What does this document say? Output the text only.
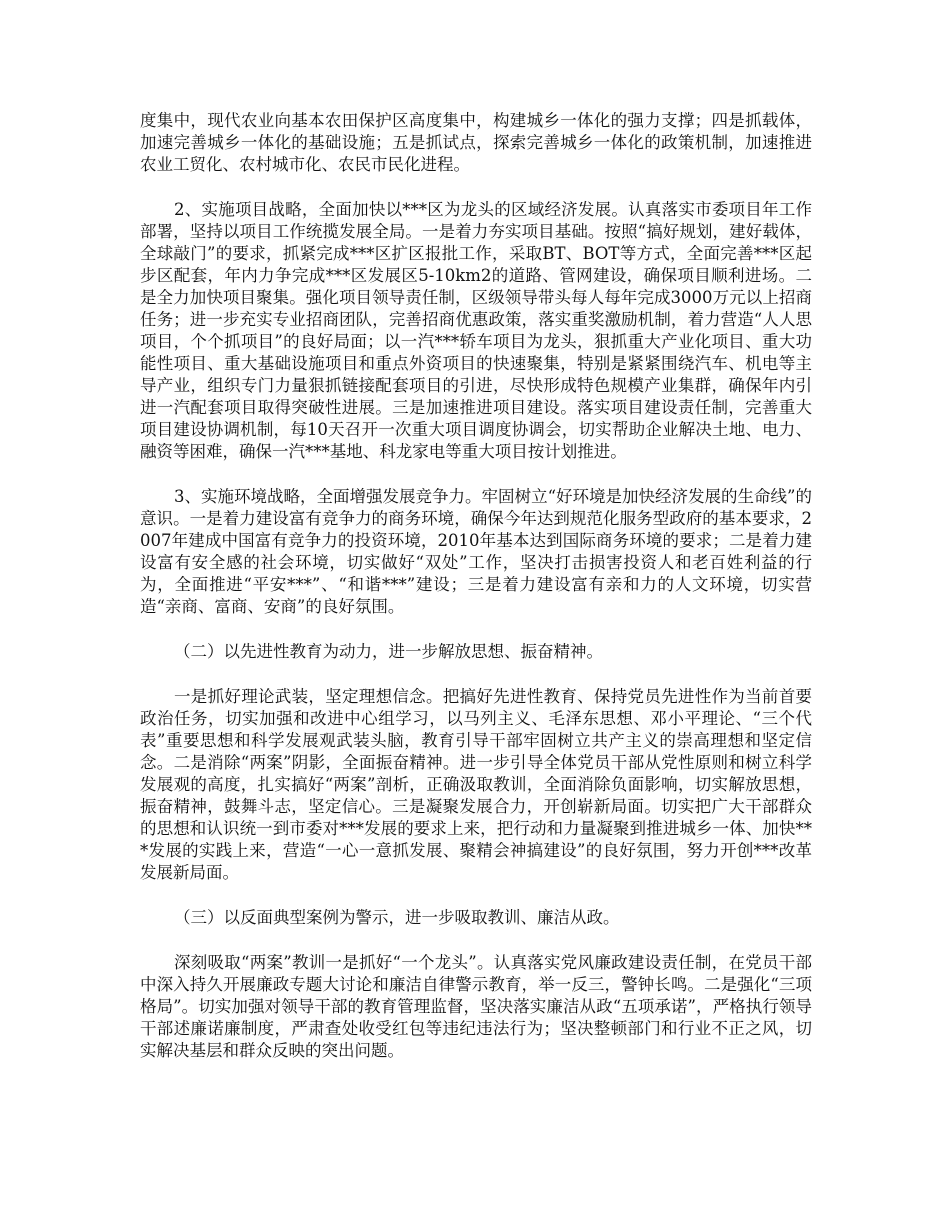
度集中，现代农业向基本农田保护区高度集中，构建城乡一体化的强力支撑；四是抓载体，加速完善城乡一体化的基础设施；五是抓试点，探索完善城乡一体化的政策机制，加速推进农业工贸化、农村城市化、农民市民化进程。

2、实施项目战略，全面加快以***区为龙头的区域经济发展。认真落实市委项目年工作部署，坚持以项目工作统揽发展全局。一是着力夯实项目基础。按照“搞好规划，建好载体，全球敲门”的要求，抓紧完成***区扩区报批工作，采取BT、BOT等方式，全面完善***区起步区配套，年内力争完成***区发展区5-10km2的道路、管网建设，确保项目顺利进场。二是全力加快项目聚集。强化项目领导责任制，区级领导带头每人每年完成3000万元以上招商任务；进一步充实专业招商团队，完善招商优惠政策，落实重奖激励机制，着力营造“人人思项目，个个抓项目”的良好局面；以一汽***轿车项目为龙头，狠抓重大产业化项目、重大功能性项目、重大基础设施项目和重点外资项目的快速聚集，特别是紧紧围绕汽车、机电等主导产业，组织专门力量狠抓链接配套项目的引进，尽快形成特色规模产业集群，确保年内引进一汽配套项目取得突破性进展。三是加速推进项目建设。落实项目建设责任制，完善重大项目建设协调机制，每10天召开一次重大项目调度协调会，切实帮助企业解决土地、电力、融资等困难，确保一汽***基地、科龙家电等重大项目按计划推进。

3、实施环境战略，全面增强发展竞争力。牢固树立“好环境是加快经济发展的生命线”的意识。一是着力建设富有竞争力的商务环境，确保今年达到规范化服务型政府的基本要求，2007年建成中国富有竞争力的投资环境，2010年基本达到国际商务环境的要求；二是着力建设富有安全感的社会环境，切实做好“双处”工作，坚决打击损害投资人和老百姓利益的行为，全面推进“平安***”、“和谐***”建设；三是着力建设富有亲和力的人文环境，切实营造“亲商、富商、安商”的良好氛围。

（二）以先进性教育为动力，进一步解放思想、振奋精神。

一是抓好理论武装，坚定理想信念。把搞好先进性教育、保持党员先进性作为当前首要政治任务，切实加强和改进中心组学习，以马列主义、毛泽东思想、邓小平理论、“三个代表”重要思想和科学发展观武装头脑，教育引导干部牢固树立共产主义的崇高理想和坚定信念。二是消除“两案”阴影，全面振奋精神。进一步引导全体党员干部从党性原则和树立科学发展观的高度，扎实搞好“两案”剖析，正确汲取教训，全面消除负面影响，切实解放思想，振奋精神，鼓舞斗志，坚定信心。三是凝聚发展合力，开创崭新局面。切实把广大干部群众的思想和认识统一到市委对***发展的要求上来，把行动和力量凝聚到推进城乡一体、加快***发展的实践上来，营造“一心一意抓发展、聚精会神搞建设”的良好氛围，努力开创***改革发展新局面。

（三）以反面典型案例为警示，进一步吸取教训、廉洁从政。

深刻吸取“两案”教训一是抓好“一个龙头”。认真落实党风廉政建设责任制，在党员干部中深入持久开展廉政专题大讨论和廉洁自律警示教育，举一反三，警钟长鸣。二是强化“三项格局”。切实加强对领导干部的教育管理监督，坚决落实廉洁从政“五项承诺”，严格执行领导干部述廉诺廉制度，严肃查处收受红包等违纪违法行为；坚决整顿部门和行业不正之风，切实解决基层和群众反映的突出问题。
